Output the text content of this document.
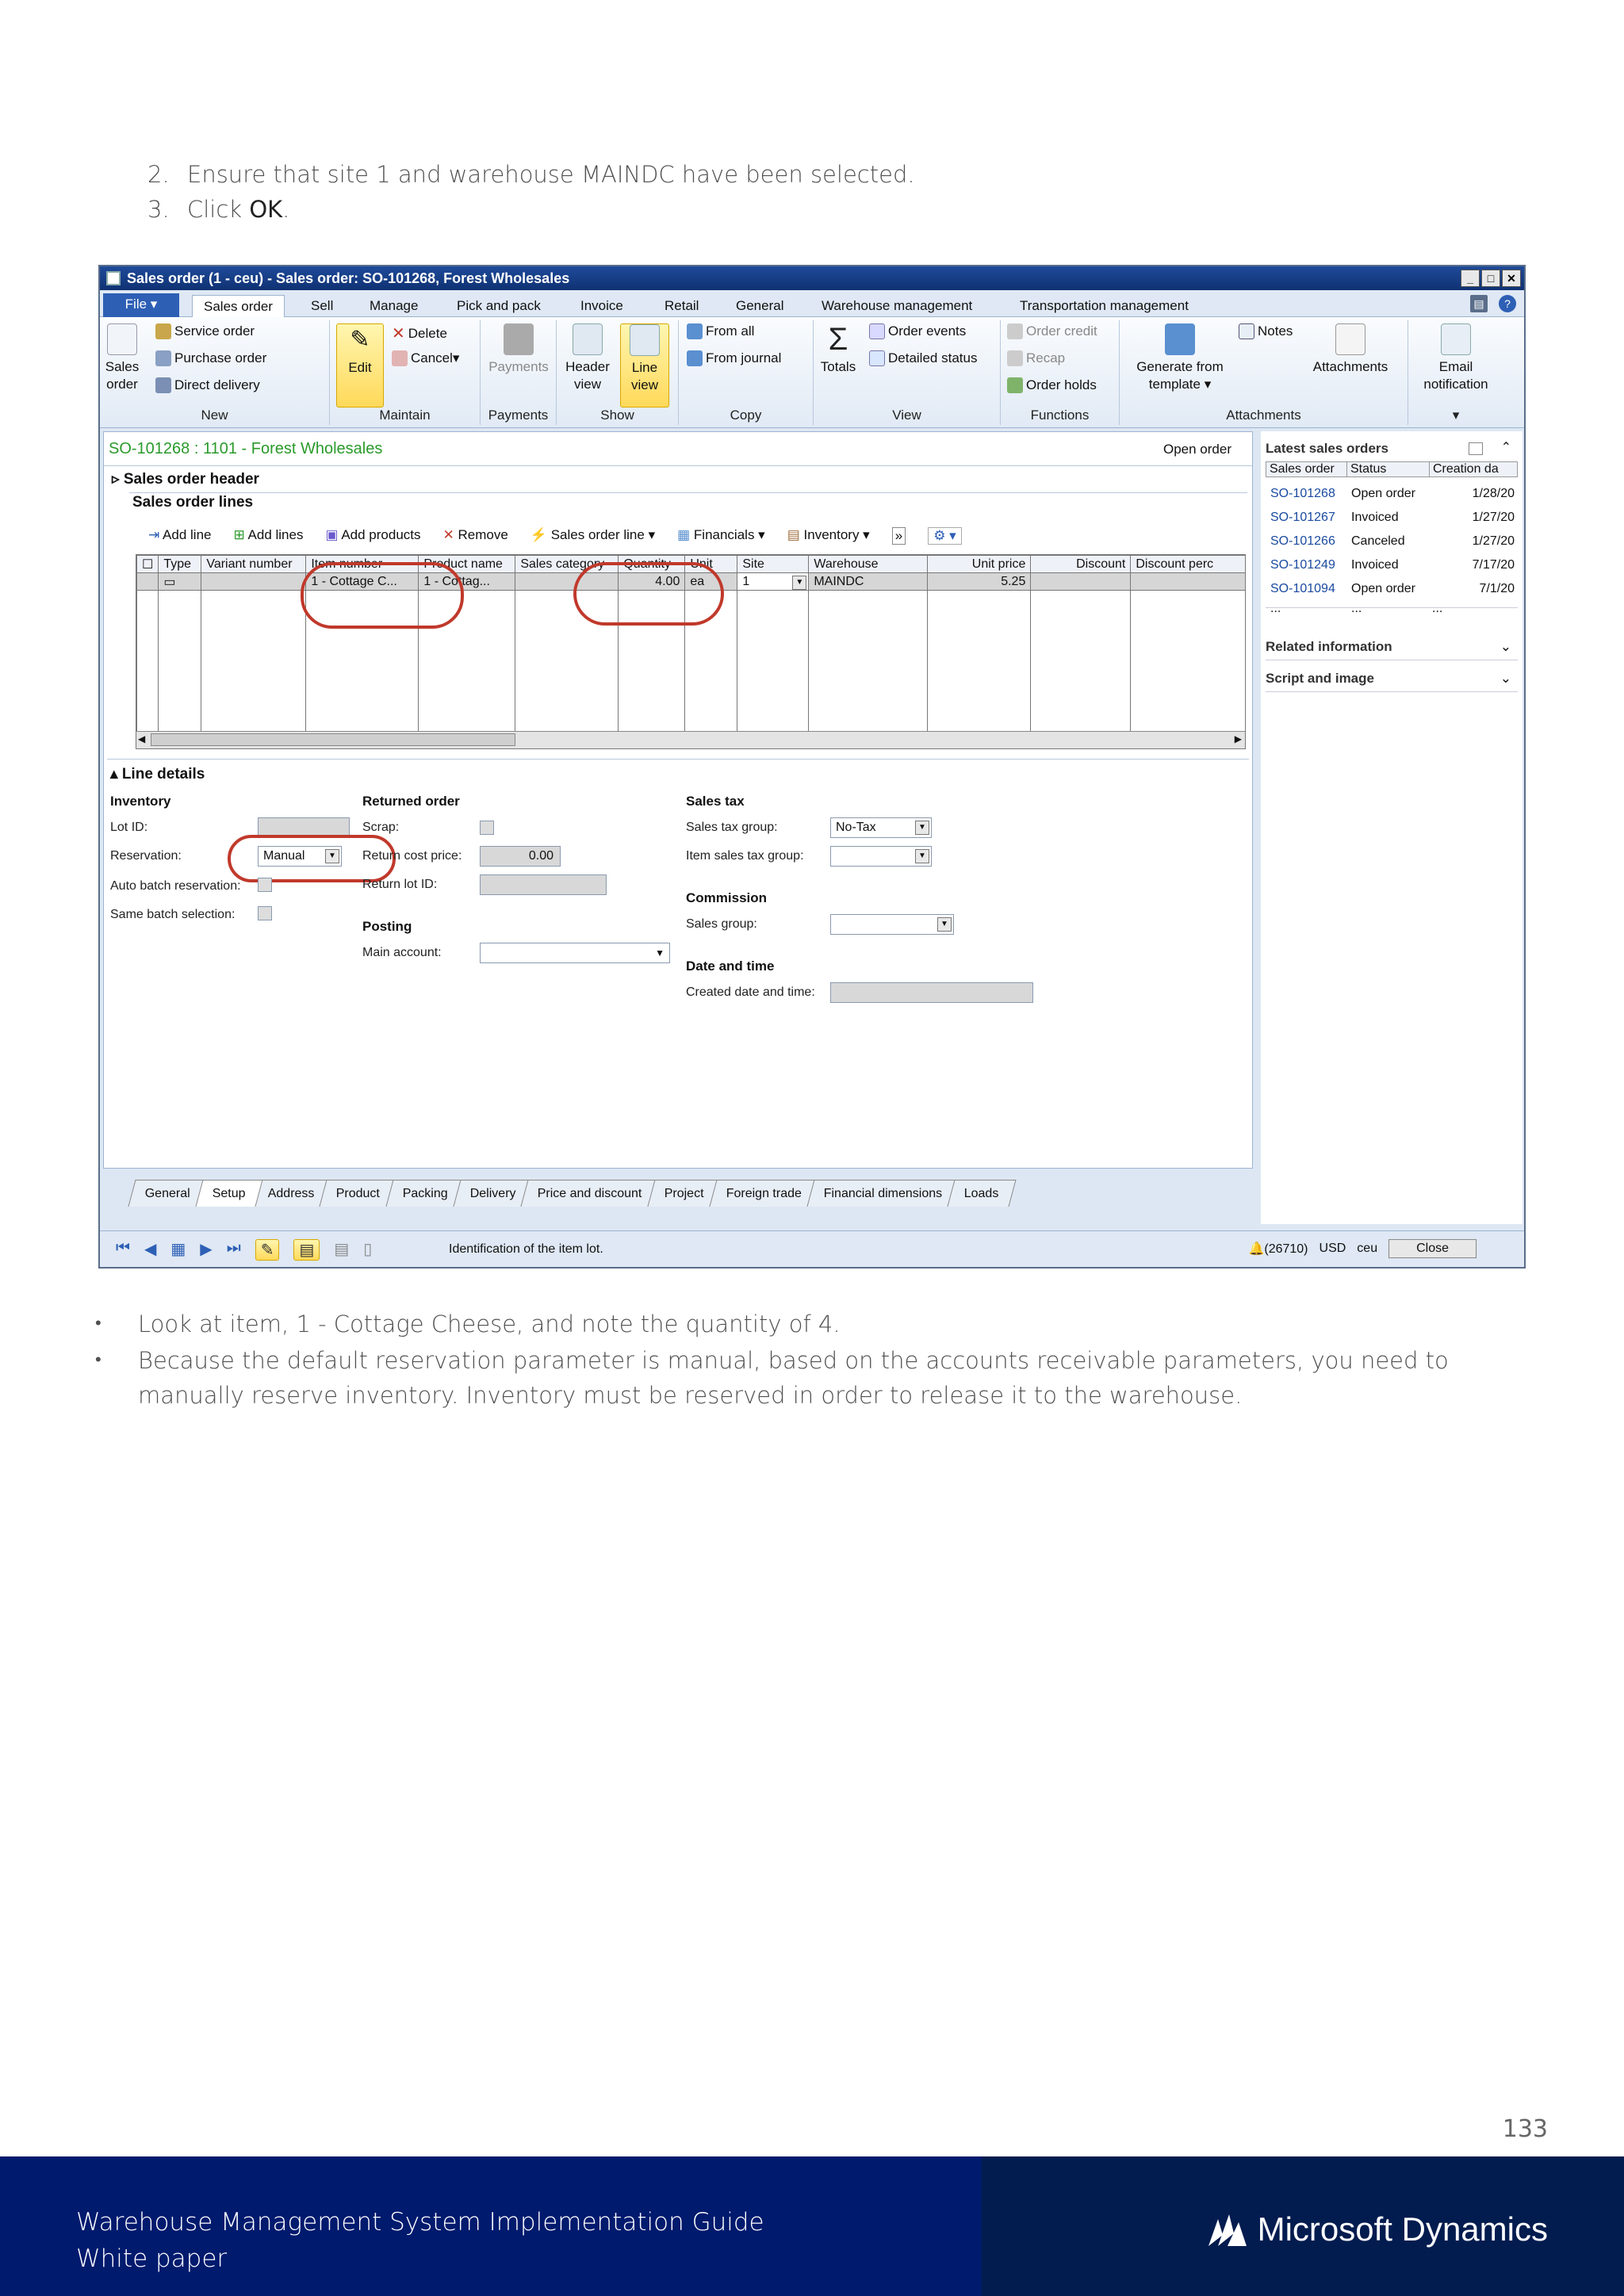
2. Ensure that site 1 and warehouse MAINDC have been selected.
3. Click OK .
Sales order (1 - ceu) - Sales order: SO-101268, Forest Wholesales	_	□	✕
File ▾	Sales order	Sell	Manage	Pick and pack	Invoice	Retail	General	Warehouse management	Transportation management	▤	?
Sales order
Service order
Purchase order
Direct delivery
New
✎
Edit
✕ Delete
Cancel ▾
Maintain
Payments
Payments
Header view
Line view
Show
From all
From journal
Copy
Σ
Totals
Order events
Detailed status
View
Order credit
Recap
Order holds
Functions
Generate from template ▾
Notes
Attachments
Attachments
Email notification
▾
SO-101268 : 1101 - Forest Wholesales	Open order
▹ Sales order header
Sales order lines
⇥ Add line ⊞ Add lines ▣ Add products ✕ Remove ⚡ Sales order line ▾ ▦ Financials ▾ ▤ Inventory ▾ »	⚙ ▾
☐	Type	Variant number	Item number	Product name	Sales category	Quantity	Unit	Site	Warehouse	Unit price	Discount	Discount perc
	▭		1 - Cottage C...	1 - Cottag...		4.00	ea	1 ▼	MAINDC	5.25		

◀	▶
▴ Line details
Inventory
Lot ID:
Reservation:	Manual	▼
Auto batch reservation:
Same batch selection:
Returned order
Scrap:
Return cost price:	0.00
Return lot ID:
Posting
Main account:	▼
Sales tax
Sales tax group:	No-Tax	▼
Item sales tax group:	▼
Commission
Sales group:	▼
Date and time
Created date and time:
General	Setup	Address	Product	Packing	Delivery	Price and discount	Project	Foreign trade	Financial dimensions	Loads
Latest sales orders	⌃
Sales order	Status	Creation da
SO-101268	Open order	1/28/20
SO-101267	Invoiced	1/27/20
SO-101266	Canceled	1/27/20
SO-101249	Invoiced	7/17/20
SO-101094	Open order	7/1/20
...	...	...
Related information	⌄
Script and image	⌄
⏮ ◀ ▦ ▶ ⏭	✎	▤	▤ ▯	Identification of the item lot.	🔔(26710) USD ceu	Close
•	Look at item, 1 - Cottage Cheese, and note the quantity of 4.
•	Because the default reservation parameter is manual, based on the accounts receivable parameters, you need to manually reserve inventory. Inventory must be reserved in order to release it to the warehouse.
133
Warehouse Management System Implementation Guide
White paper
Microsoft Dynamics
